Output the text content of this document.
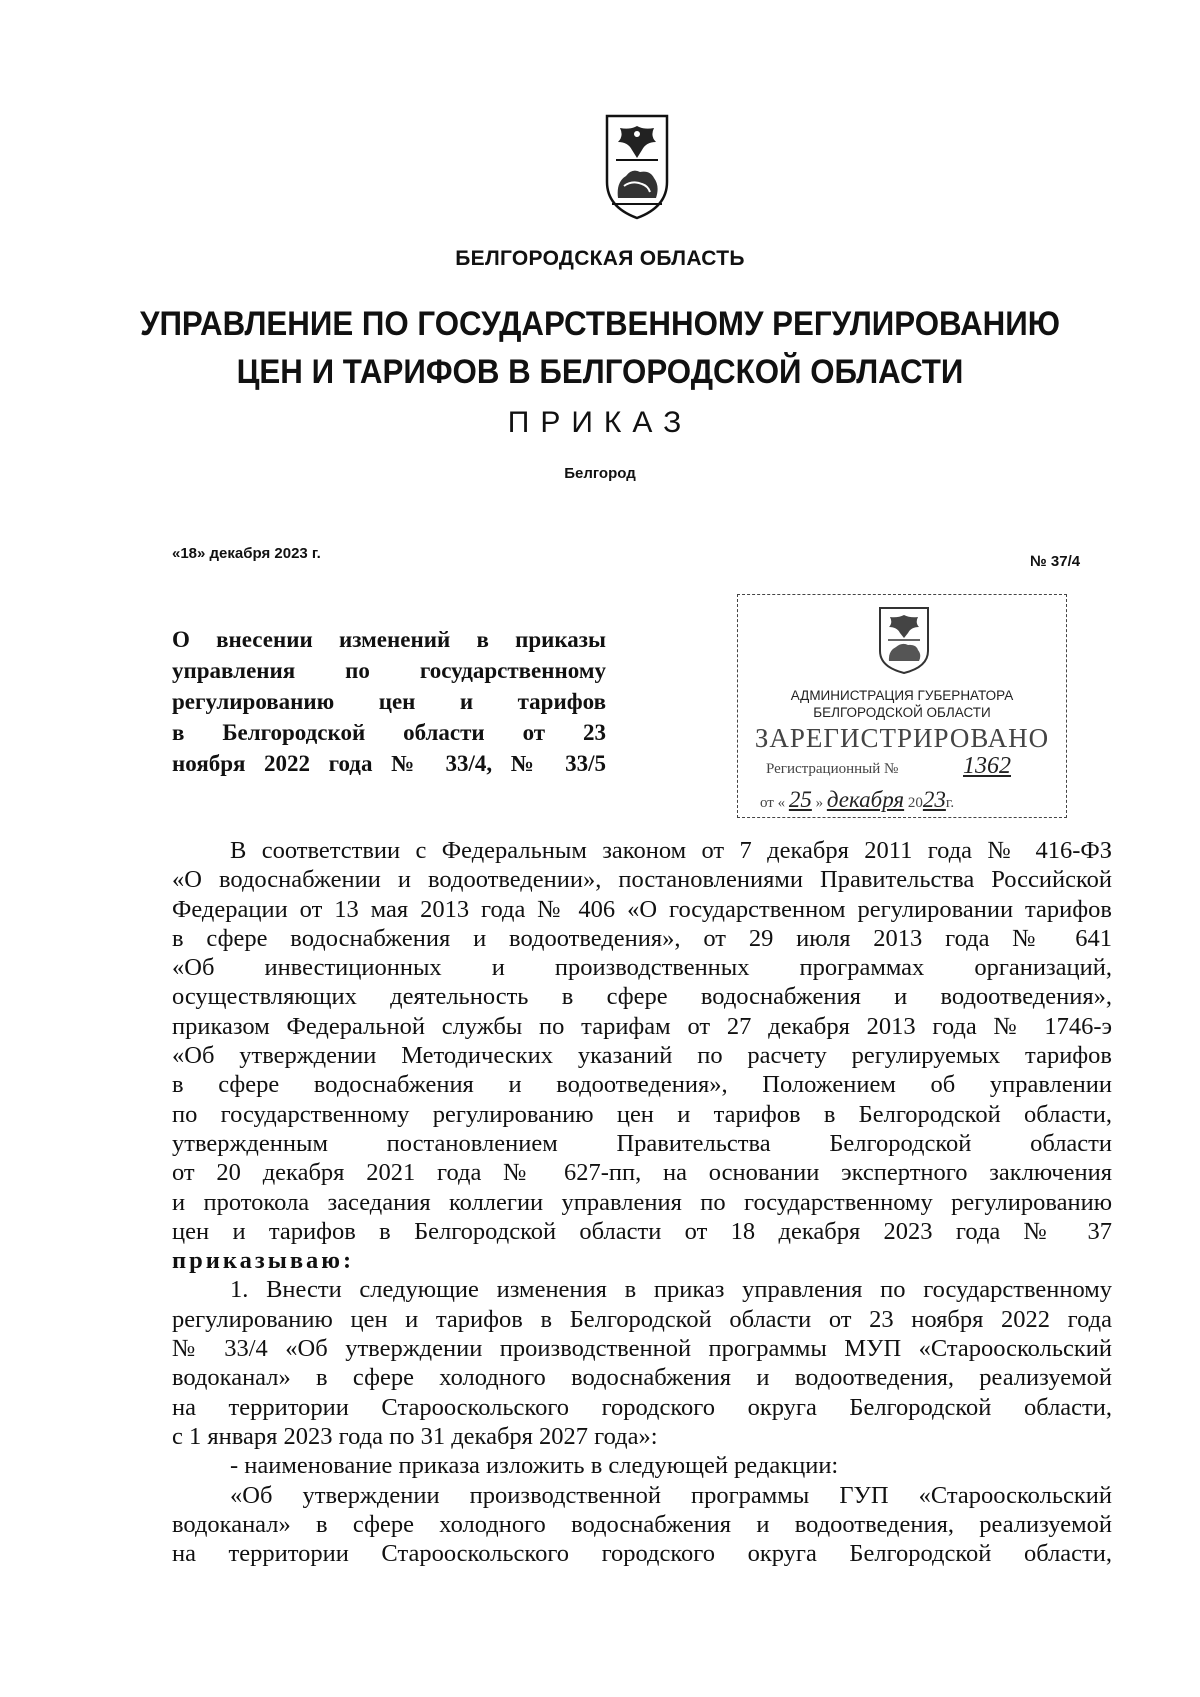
БЕЛГОРОДСКАЯ ОБЛАСТЬ
УПРАВЛЕНИЕ ПО ГОСУДАРСТВЕННОМУ РЕГУЛИРОВАНИЮ
ЦЕН И ТАРИФОВ В БЕЛГОРОДСКОЙ ОБЛАСТИ
ПРИКАЗ
Белгород
«18» декабря 2023 г.	№ 37/4
О внесении изменений в приказы
управления по государственному
регулированию цен и тарифов
в Белгородской области от 23
ноября 2022 года № 33/4, № 33/5
АДМИНИСТРАЦИЯ ГУБЕРНАТОРА
БЕЛГОРОДСКОЙ ОБЛАСТИ
ЗАРЕГИСТРИРОВАНО
Регистрационный №	1362
от « 25 » декабря 2023г.
В соответствии с Федеральным законом от 7 декабря 2011 года № 416-ФЗ
«О водоснабжении и водоотведении», постановлениями Правительства Российской
Федерации от 13 мая 2013 года № 406 «О государственном регулировании тарифов
в сфере водоснабжения и водоотведения», от 29 июля 2013 года № 641
«Об инвестиционных и производственных программах организаций,
осуществляющих деятельность в сфере водоснабжения и водоотведения»,
приказом Федеральной службы по тарифам от 27 декабря 2013 года № 1746-э
«Об утверждении Методических указаний по расчету регулируемых тарифов
в сфере водоснабжения и водоотведения», Положением об управлении
по государственному регулированию цен и тарифов в Белгородской области,
утвержденным постановлением Правительства Белгородской области
от 20 декабря 2021 года № 627-пп, на основании экспертного заключения
и протокола заседания коллегии управления по государственному регулированию
цен и тарифов в Белгородской области от 18 декабря 2023 года № 37
приказываю:
1. Внести следующие изменения в приказ управления по государственному
регулированию цен и тарифов в Белгородской области от 23 ноября 2022 года
№ 33/4 «Об утверждении производственной программы МУП «Старооскольский
водоканал» в сфере холодного водоснабжения и водоотведения, реализуемой
на территории Старооскольского городского округа Белгородской области,
с 1 января 2023 года по 31 декабря 2027 года»:
- наименование приказа изложить в следующей редакции:
«Об утверждении производственной программы ГУП «Старооскольский
водоканал» в сфере холодного водоснабжения и водоотведения, реализуемой
на территории Старооскольского городского округа Белгородской области,
